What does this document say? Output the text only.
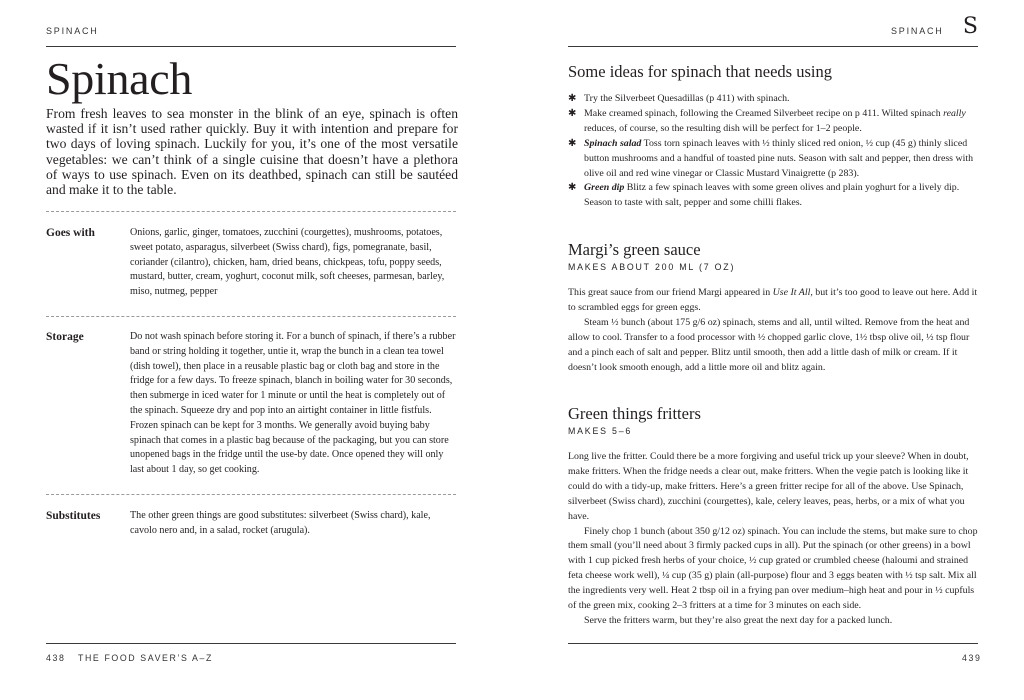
SPINACH
Spinach

From fresh leaves to sea monster in the blink of an eye, spinach is often wasted if it isn’t used rather quickly. Buy it with intention and prepare for two days of loving spinach. Luckily for you, it’s one of the most versatile vegetables: we can’t think of a single cuisine that doesn’t have a plethora of ways to use spinach. Even on its deathbed, spinach can still be sautéed and make it to the table.

Goes with	Onions, garlic, ginger, tomatoes, zucchini (courgettes), mushrooms, potatoes, sweet potato, asparagus, silverbeet (Swiss chard), figs, pomegranate, basil, coriander (cilantro), chicken, ham, dried beans, chickpeas, tofu, poppy seeds, mustard, butter, cream, yoghurt, coconut milk, soft cheeses, parmesan, barley, miso, nutmeg, pepper

Storage	Do not wash spinach before storing it. For a bunch of spinach, if there’s a rubber band or string holding it together, untie it, wrap the bunch in a clean tea towel (dish towel), then place in a reusable plastic bag or cloth bag and store in the fridge for a few days. To freeze spinach, blanch in boiling water for 30 seconds, then submerge in iced water for 1 minute or until the heat is completely out of the spinach. Squeeze dry and pop into an airtight container in little fistfuls. Frozen spinach can be kept for 3 months. We generally avoid buying baby spinach that comes in a plastic bag because of the packaging, but you can store unopened bags in the fridge until the use-by date. Once opened they will only last about 1 day, so get cooking.

Substitutes	The other green things are good substitutes: silverbeet (Swiss chard), kale, cavolo nero and, in a salad, rocket (arugula).

438 THE FOOD SAVER’S A–Z
SPINACH S
Some ideas for spinach that needs using
✱ Try the Silverbeet Quesadillas (p 411) with spinach.
✱ Make creamed spinach, following the Creamed Silverbeet recipe on p 411. Wilted spinach really reduces, of course, so the resulting dish will be perfect for 1–2 people.
✱ Spinach salad Toss torn spinach leaves with ½ thinly sliced red onion, ½ cup (45 g) thinly sliced button mushrooms and a handful of toasted pine nuts. Season with salt and pepper, then dress with olive oil and red wine vinegar or Classic Mustard Vinaigrette (p 283).
✱ Green dip Blitz a few spinach leaves with some green olives and plain yoghurt for a lively dip. Season to taste with salt, pepper and some chilli flakes.
Margi’s green sauce
MAKES ABOUT 200 ML (7 OZ)

This great sauce from our friend Margi appeared in Use It All, but it’s too good to leave out here. Add it to scrambled eggs for green eggs.

Steam ½ bunch (about 175 g/6 oz) spinach, stems and all, until wilted. Remove from the heat and allow to cool. Transfer to a food processor with ½ chopped garlic clove, 1½ tbsp olive oil, ½ tsp flour and a pinch each of salt and pepper. Blitz until smooth, then add a little dash of milk or cream. If it doesn’t look smooth enough, add a little more oil and blitz again.

Green things fritters
MAKES 5–6

Long live the fritter. Could there be a more forgiving and useful trick up your sleeve? When in doubt, make fritters. When the fridge needs a clear out, make fritters. When the vegie patch is looking like it could do with a tidy-up, make fritters. Here’s a green fritter recipe for all of the above. Use Spinach, silverbeet (Swiss chard), zucchini (courgettes), kale, celery leaves, peas, herbs, or a mix of what you have.

Finely chop 1 bunch (about 350 g/12 oz) spinach. You can include the stems, but make sure to chop them small (you’ll need about 3 firmly packed cups in all). Put the spinach (or other greens) in a bowl with 1 cup picked fresh herbs of your choice, ½ cup grated or crumbled cheese (haloumi and strained feta cheese work well), ¼ cup (35 g) plain (all-purpose) flour and 3 eggs beaten with ½ tsp salt. Mix all the ingredients very well. Heat 2 tbsp oil in a frying pan over medium–high heat and pour in ½ cupfuls of the green mix, cooking 2–3 fritters at a time for 3 minutes on each side.

Serve the fritters warm, but they’re also great the next day for a packed lunch.

439
